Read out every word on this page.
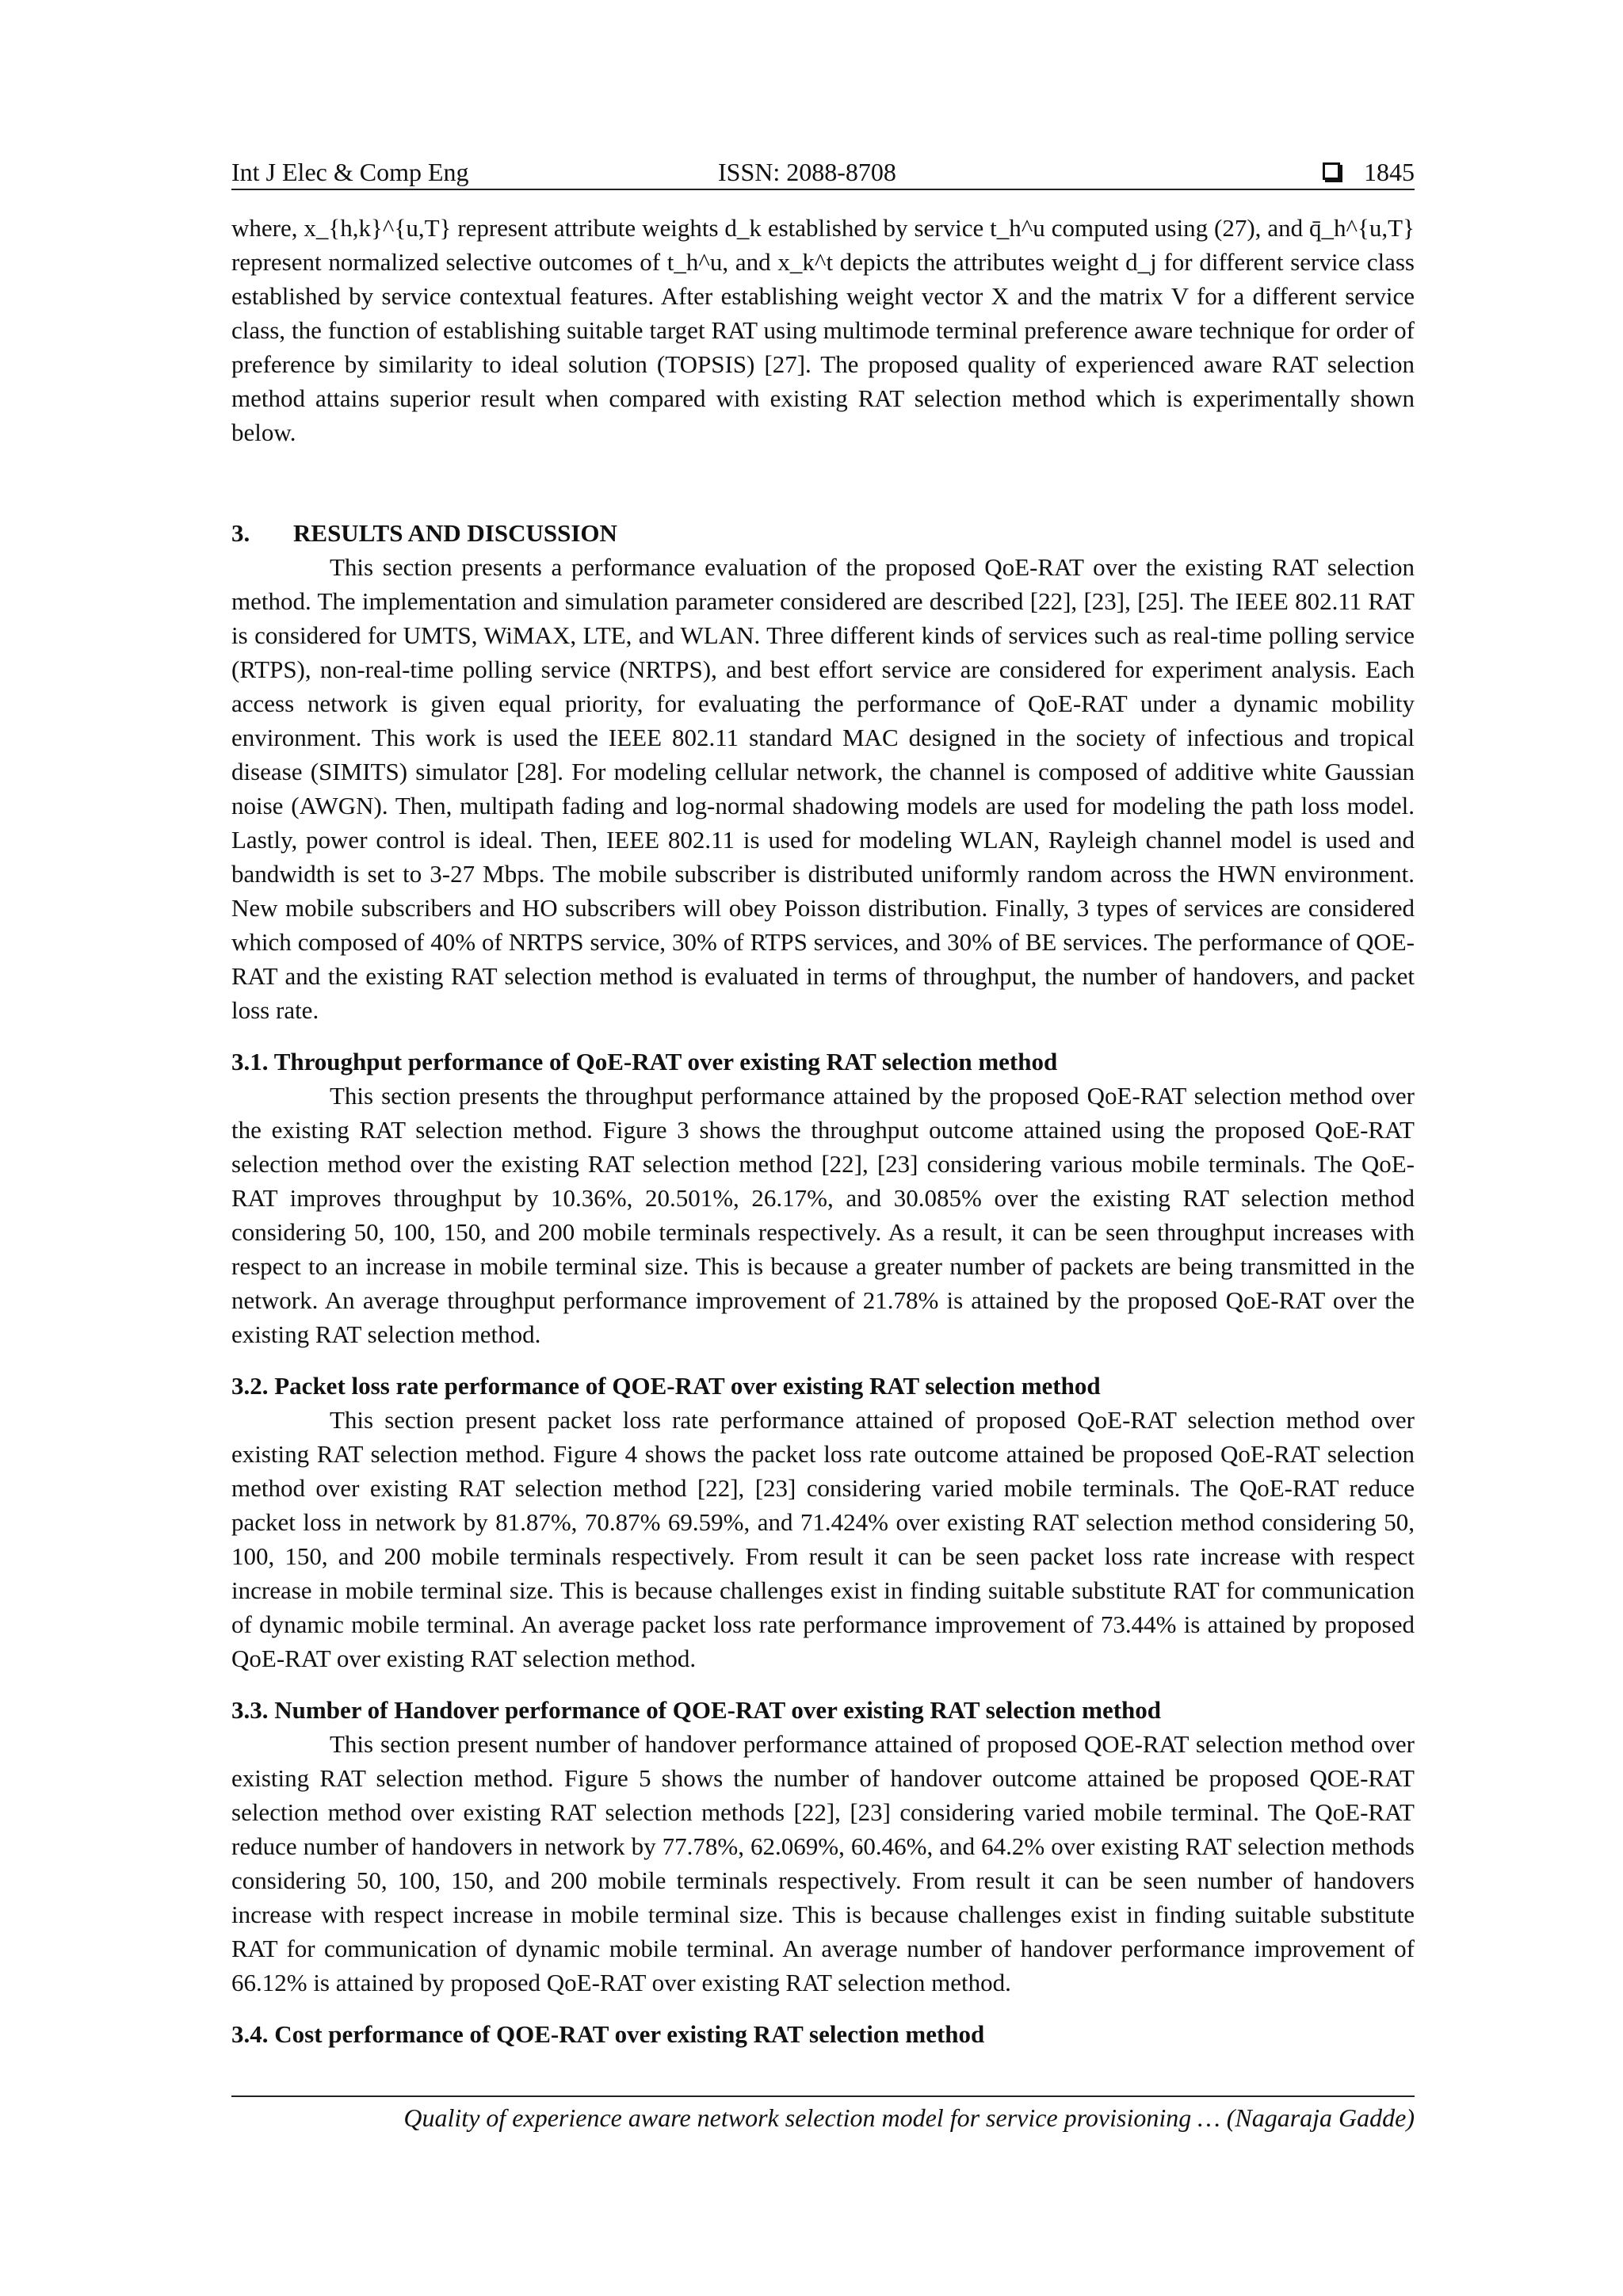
Int J Elec & Comp Eng	ISSN: 2088-8708	1845

where, x_{h,k}^{u,T} represent attribute weights d_k established by service t_h^u computed using (27), and q̄_h^{u,T} represent normalized selective outcomes of t_h^u, and x_k^t depicts the attributes weight d_j for different service class established by service contextual features. After establishing weight vector X and the matrix V for a different service class, the function of establishing suitable target RAT using multimode terminal preference aware technique for order of preference by similarity to ideal solution (TOPSIS) [27]. The proposed quality of experienced aware RAT selection method attains superior result when compared with existing RAT selection method which is experimentally shown below.

3. RESULTS AND DISCUSSION

This section presents a performance evaluation of the proposed QoE-RAT over the existing RAT selection method. The implementation and simulation parameter considered are described [22], [23], [25]. The IEEE 802.11 RAT is considered for UMTS, WiMAX, LTE, and WLAN. Three different kinds of services such as real-time polling service (RTPS), non-real-time polling service (NRTPS), and best effort service are considered for experiment analysis. Each access network is given equal priority, for evaluating the performance of QoE-RAT under a dynamic mobility environment. This work is used the IEEE 802.11 standard MAC designed in the society of infectious and tropical disease (SIMITS) simulator [28]. For modeling cellular network, the channel is composed of additive white Gaussian noise (AWGN). Then, multipath fading and log-normal shadowing models are used for modeling the path loss model. Lastly, power control is ideal. Then, IEEE 802.11 is used for modeling WLAN, Rayleigh channel model is used and bandwidth is set to 3-27 Mbps. The mobile subscriber is distributed uniformly random across the HWN environment. New mobile subscribers and HO subscribers will obey Poisson distribution. Finally, 3 types of services are considered which composed of 40% of NRTPS service, 30% of RTPS services, and 30% of BE services. The performance of QOE-RAT and the existing RAT selection method is evaluated in terms of throughput, the number of handovers, and packet loss rate.

3.1. Throughput performance of QoE-RAT over existing RAT selection method

This section presents the throughput performance attained by the proposed QoE-RAT selection method over the existing RAT selection method. Figure 3 shows the throughput outcome attained using the proposed QoE-RAT selection method over the existing RAT selection method [22], [23] considering various mobile terminals. The QoE-RAT improves throughput by 10.36%, 20.501%, 26.17%, and 30.085% over the existing RAT selection method considering 50, 100, 150, and 200 mobile terminals respectively. As a result, it can be seen throughput increases with respect to an increase in mobile terminal size. This is because a greater number of packets are being transmitted in the network. An average throughput performance improvement of 21.78% is attained by the proposed QoE-RAT over the existing RAT selection method.

3.2. Packet loss rate performance of QOE-RAT over existing RAT selection method

This section present packet loss rate performance attained of proposed QoE-RAT selection method over existing RAT selection method. Figure 4 shows the packet loss rate outcome attained be proposed QoE-RAT selection method over existing RAT selection method [22], [23] considering varied mobile terminals. The QoE-RAT reduce packet loss in network by 81.87%, 70.87% 69.59%, and 71.424% over existing RAT selection method considering 50, 100, 150, and 200 mobile terminals respectively. From result it can be seen packet loss rate increase with respect increase in mobile terminal size. This is because challenges exist in finding suitable substitute RAT for communication of dynamic mobile terminal. An average packet loss rate performance improvement of 73.44% is attained by proposed QoE-RAT over existing RAT selection method.

3.3. Number of Handover performance of QOE-RAT over existing RAT selection method

This section present number of handover performance attained of proposed QOE-RAT selection method over existing RAT selection method. Figure 5 shows the number of handover outcome attained be proposed QOE-RAT selection method over existing RAT selection methods [22], [23] considering varied mobile terminal. The QoE-RAT reduce number of handovers in network by 77.78%, 62.069%, 60.46%, and 64.2% over existing RAT selection methods considering 50, 100, 150, and 200 mobile terminals respectively. From result it can be seen number of handovers increase with respect increase in mobile terminal size. This is because challenges exist in finding suitable substitute RAT for communication of dynamic mobile terminal. An average number of handover performance improvement of 66.12% is attained by proposed QoE-RAT over existing RAT selection method.

3.4. Cost performance of QOE-RAT over existing RAT selection method
Quality of experience aware network selection model for service provisioning … (Nagaraja Gadde)
